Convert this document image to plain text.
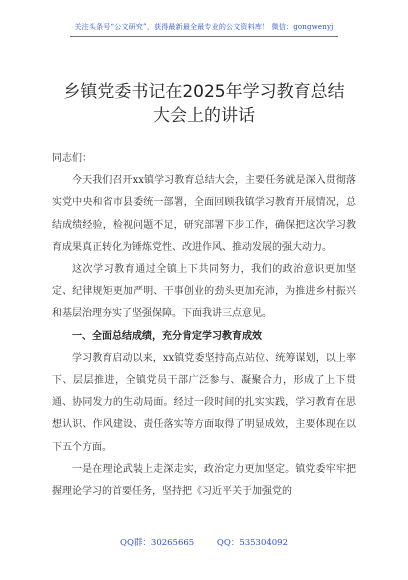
关注头条号“公文研究”，获得最新最全最专业的公文资料库！ 微信：gongwenyj
乡镇党委书记在2025年学习教育总结
大会上的讲话

同志们：

今天我们召开xx镇学习教育总结大会，主要任务就是深入贯彻落实党中央和省市县委统一部署，全面回顾我镇学习教育开展情况，总结成绩经验，检视问题不足，研究部署下步工作，确保把这次学习教育成果真正转化为锤炼党性、改进作风、推动发展的强大动力。

这次学习教育通过全镇上下共同努力，我们的政治意识更加坚定、纪律规矩更加严明、干事创业的劲头更加充沛，为推进乡村振兴和基层治理夯实了坚强保障。下面我讲三点意见。

一、全面总结成绩，充分肯定学习教育成效

学习教育启动以来，xx镇党委坚持高点站位、统筹谋划，以上率下、层层推进，全镇党员干部广泛参与、凝聚合力，形成了上下贯通、协同发力的生动局面。经过一段时间的扎实实践，学习教育在思想认识、作风建设、责任落实等方面取得了明显成效，主要体现在以下五个方面。

一是在理论武装上走深走实，政治定力更加坚定。镇党委牢牢把握理论学习的首要任务，坚持把《习近平关于加强党的

QQ群：30265665	QQ：535304092
